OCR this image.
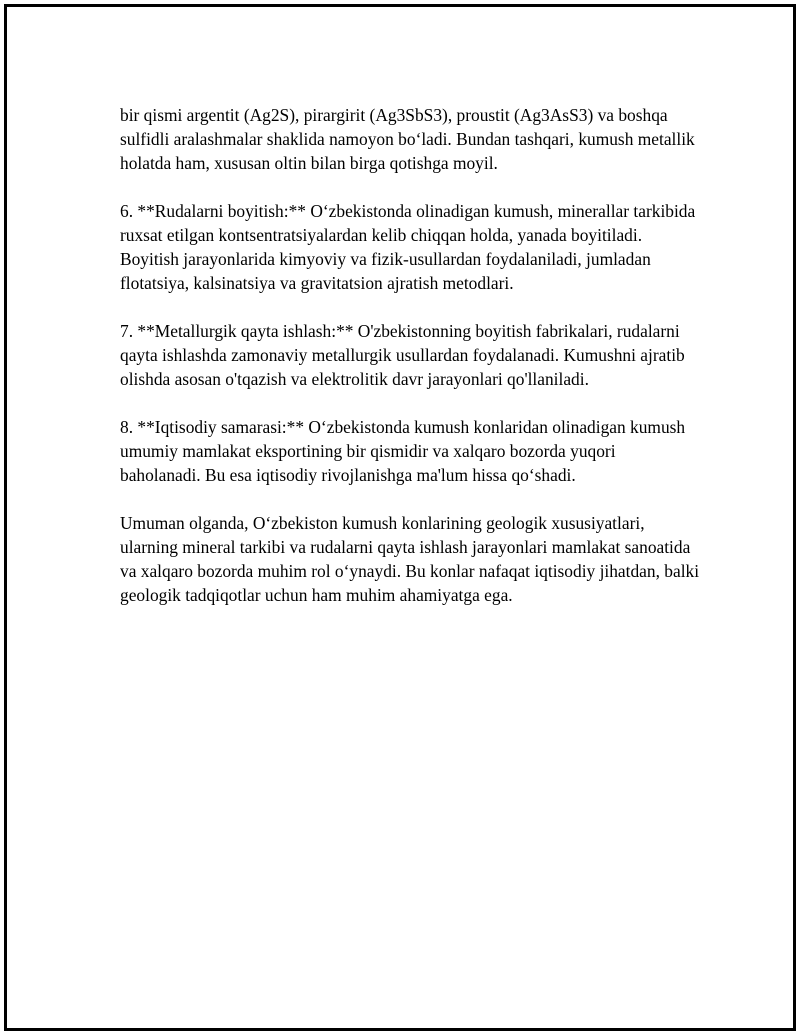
bir qismi argentit (Ag2S), pirargirit (Ag3SbS3), proustit (Ag3AsS3) va boshqa sulfidli aralashmalar shaklida namoyon bo‘ladi. Bundan tashqari, kumush metallik holatda ham, xususan oltin bilan birga qotishga moyil.

6. **Rudalarni boyitish:** O‘zbekistonda olinadigan kumush, minerallar tarkibida ruxsat etilgan kontsentratsiyalardan kelib chiqqan holda, yanada boyitiladi. Boyitish jarayonlarida kimyoviy va fizik-usullardan foydalaniladi, jumladan flotatsiya, kalsinatsiya va gravitatsion ajratish metodlari.

7. **Metallurgik qayta ishlash:** O'zbekistonning boyitish fabrikalari, rudalarni qayta ishlashda zamonaviy metallurgik usullardan foydalanadi. Kumushni ajratib olishda asosan o'tqazish va elektrolitik davr jarayonlari qo'llaniladi.

8. **Iqtisodiy samarasi:** O‘zbekistonda kumush konlaridan olinadigan kumush umumiy mamlakat eksportining bir qismidir va xalqaro bozorda yuqori baholanadi. Bu esa iqtisodiy rivojlanishga ma'lum hissa qo‘shadi.

Umuman olganda, O‘zbekiston kumush konlarining geologik xususiyatlari, ularning mineral tarkibi va rudalarni qayta ishlash jarayonlari mamlakat sanoatida va xalqaro bozorda muhim rol o‘ynaydi. Bu konlar nafaqat iqtisodiy jihatdan, balki geologik tadqiqotlar uchun ham muhim ahamiyatga ega.
